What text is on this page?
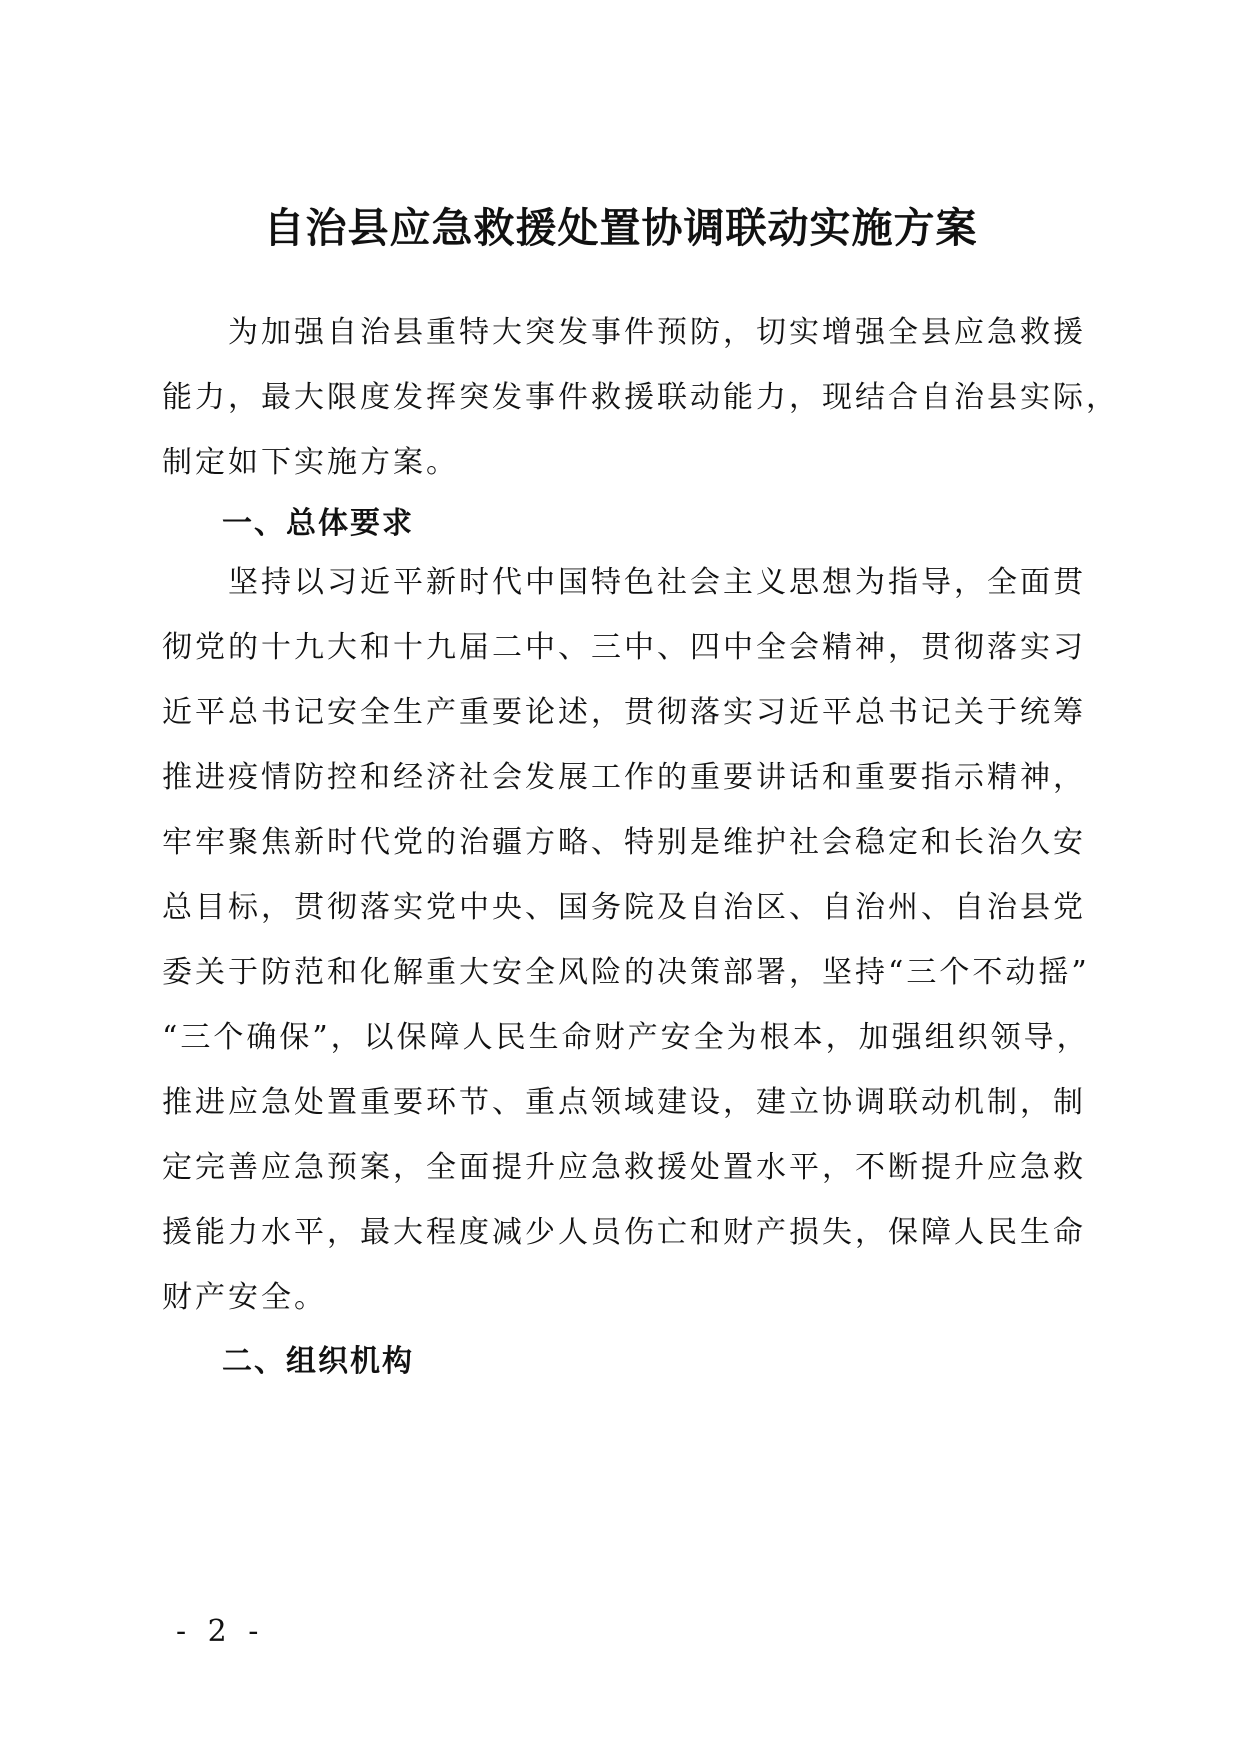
自治县应急救援处置协调联动实施方案
　　为加强自治县重特大突发事件预防，切实增强全县应急救援
能力，最大限度发挥突发事件救援联动能力，现结合自治县实际，
制定如下实施方案。
一、总体要求
　　坚持以习近平新时代中国特色社会主义思想为指导，全面贯
彻党的十九大和十九届二中、三中、四中全会精神，贯彻落实习
近平总书记安全生产重要论述，贯彻落实习近平总书记关于统筹
推进疫情防控和经济社会发展工作的重要讲话和重要指示精神，
牢牢聚焦新时代党的治疆方略、特别是维护社会稳定和长治久安
总目标，贯彻落实党中央、国务院及自治区、自治州、自治县党
委关于防范和化解重大安全风险的决策部署，坚持“三个不动摇”
“三个确保”，以保障人民生命财产安全为根本，加强组织领导，
推进应急处置重要环节、重点领域建设，建立协调联动机制，制
定完善应急预案，全面提升应急救援处置水平，不断提升应急救
援能力水平，最大程度减少人员伤亡和财产损失，保障人民生命
财产安全。
二、组织机构
- 2 -
